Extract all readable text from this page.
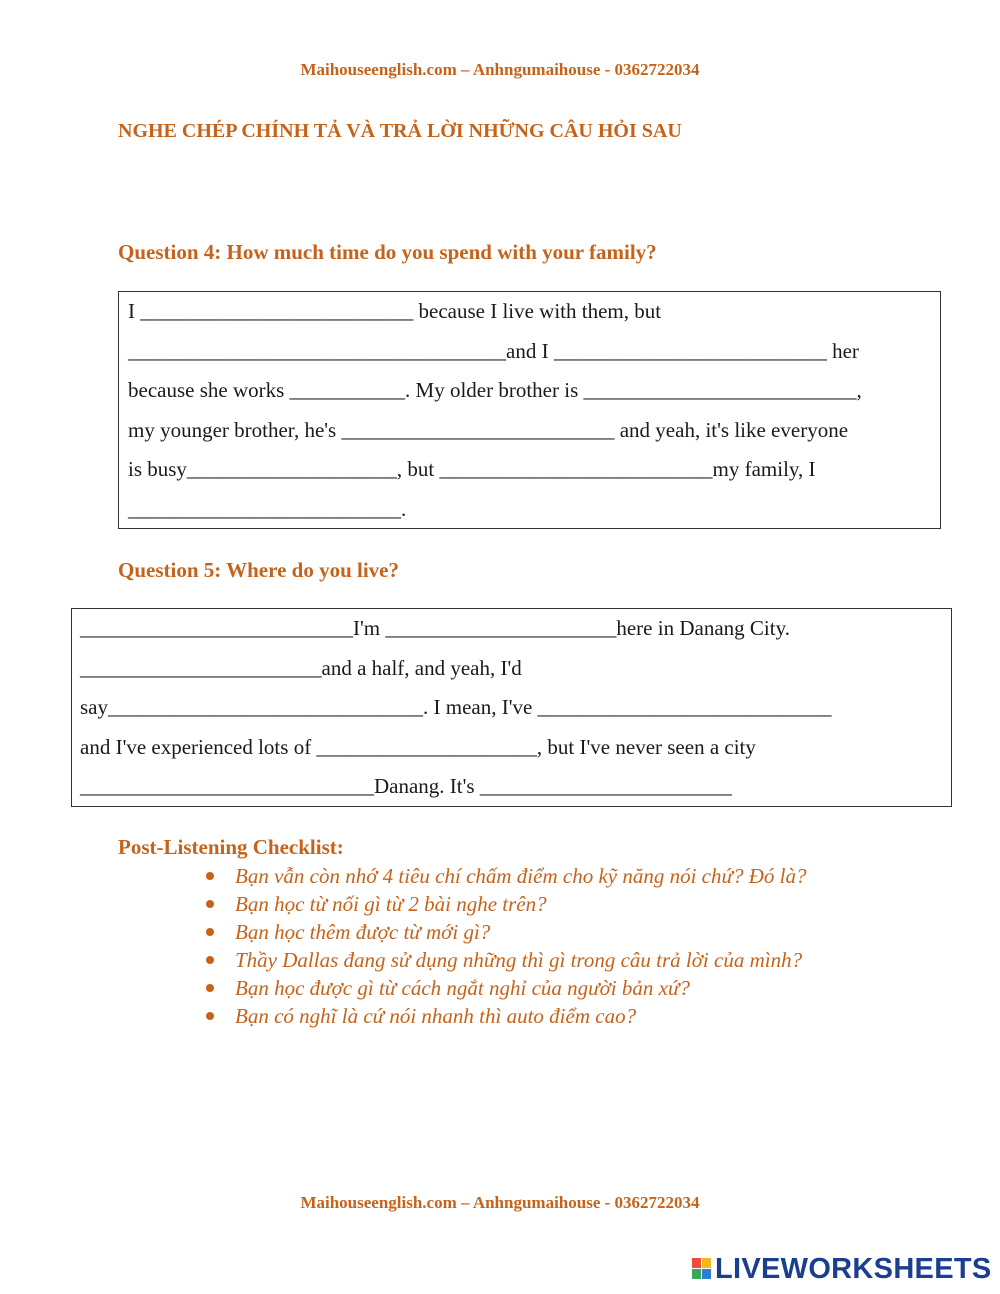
Maihouseenglish.com – Anhngumaihouse - 0362722034
NGHE CHÉP CHÍNH TẢ VÀ TRẢ LỜI NHỮNG CÂU HỎI SAU
Question 4: How much time do you spend with your family?
I __________________________ because I live with them, but
____________________________________and I __________________________ her
because she works ___________. My older brother is __________________________,
my younger brother, he's __________________________ and yeah, it's like everyone
is busy____________________, but __________________________my family, I
__________________________.
Question 5: Where do you live?
__________________________I'm ______________________here in Danang City.
_______________________and a half, and yeah, I'd
say______________________________. I mean, I've ____________________________
and I've experienced lots of _____________________, but I've never seen a city
____________________________Danang. It's ________________________
Post-Listening Checklist:
Bạn vẫn còn nhớ 4 tiêu chí chấm điểm cho kỹ năng nói chứ? Đó là?
Bạn học từ nối gì từ 2 bài nghe trên?
Bạn học thêm được từ mới gì?
Thầy Dallas đang sử dụng những thì gì trong câu trả lời của mình?
Bạn học được gì từ cách ngắt nghỉ của người bản xứ?
Bạn có nghĩ là cứ nói nhanh thì auto điểm cao?
Maihouseenglish.com – Anhngumaihouse - 0362722034
LIVEWORKSHEETS
